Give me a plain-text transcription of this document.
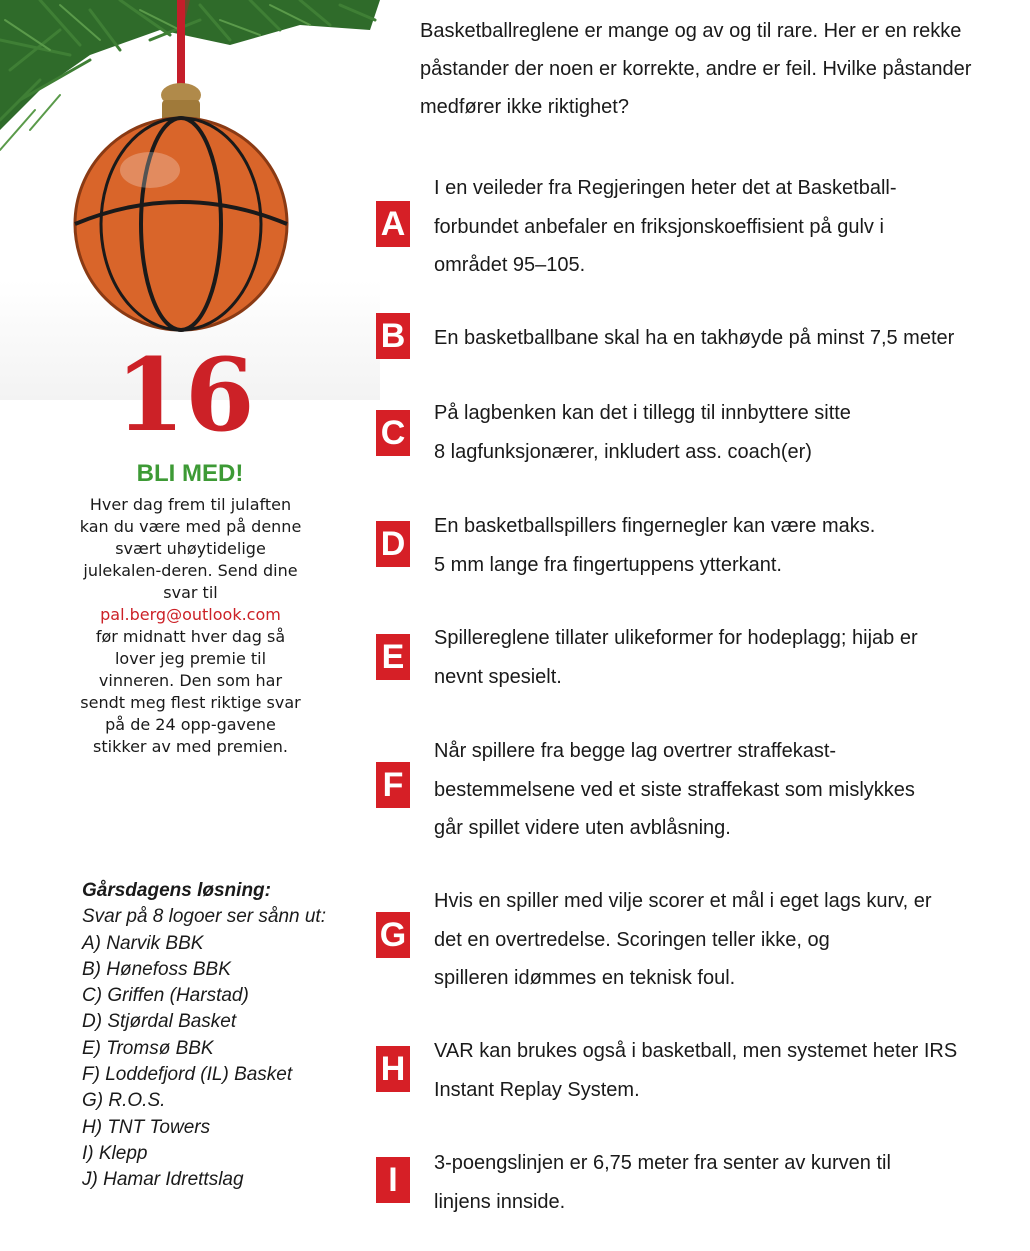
16
BLI MED!
Hver dag frem til julaften kan du være med på denne svært uhøytidelige julekalen-deren. Send dine svar til
pal.berg@outlook.com
før midnatt hver dag så lover jeg premie til vinneren. Den som har sendt meg flest riktige svar på de 24 opp-gavene stikker av med premien.
Gårsdagens løsning:
Svar på 8 logoer ser sånn ut:
A) Narvik BBK
B) Hønefoss BBK
C) Griffen (Harstad)
D) Stjørdal Basket
E) Tromsø BBK
F) Loddefjord (IL) Basket
G) R.O.S.
H) TNT Towers
I) Klepp
J) Hamar Idrettslag
Basketballreglene er mange og av og til rare. Her er en rekke
påstander der noen er korrekte, andre er feil. Hvilke påstander
medfører ikke riktighet?
A
I en veileder fra Regjeringen heter det at Basketball-
forbundet anbefaler en friksjonskoeffisient på gulv i
området 95–105.
B En basketballbane skal ha en takhøyde på minst 7,5 meter
C
På lagbenken kan det i tillegg til innbyttere sitte
8 lagfunksjonærer, inkludert ass. coach(er)
D En basketballspillers fingernegler kan være maks.
5 mm lange fra fingertuppens ytterkant.
E Spillereglene tillater ulikeformer for hodeplagg; hijab er
nevnt spesielt.
F
Når spillere fra begge lag overtrer straffekast-
bestemmelsene ved et siste straffekast som mislykkes
går spillet videre uten avblåsning.
G
Hvis en spiller med vilje scorer et mål i eget lags kurv, er
det en overtredelse. Scoringen teller ikke, og
spilleren idømmes en teknisk foul.
H VAR kan brukes også i basketball, men systemet heter IRS
Instant Replay System.
I	3-poengslinjen er 6,75 meter fra senter av kurven til
linjens innside.
